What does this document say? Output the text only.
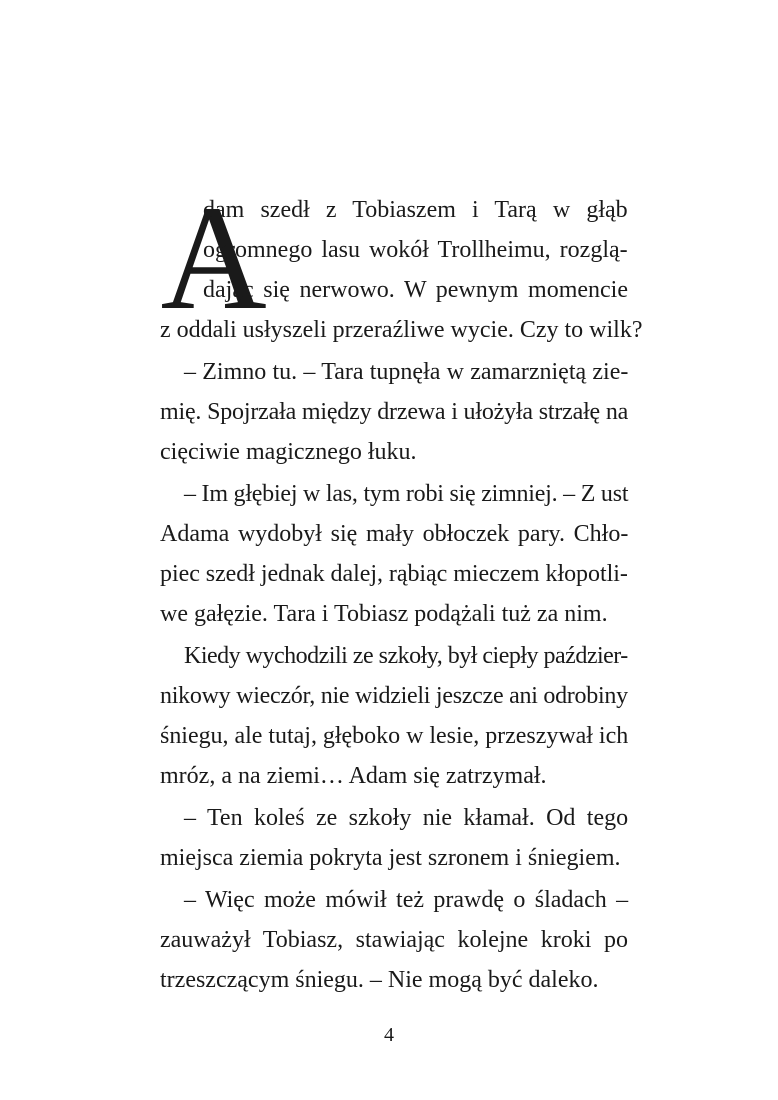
A
dam szedł z Tobiaszem i Tarą w głąb
ogromnego lasu wokół Trollheimu, rozglą-
dając się nerwowo. W pewnym momencie
z oddali usłyszeli przeraźliwe wycie. Czy to wilk?
– Zimno tu. – Tara tupnęła w zamarzniętą zie-
mię. Spojrzała między drzewa i ułożyła strzałę na
cięciwie magicznego łuku.
– Im głębiej w las, tym robi się zimniej. – Z ust
Adama wydobył się mały obłoczek pary. Chło-
piec szedł jednak dalej, rąbiąc mieczem kłopotli-
we gałęzie. Tara i Tobiasz podążali tuż za nim.
Kiedy wychodzili ze szkoły, był ciepły paździer-
nikowy wieczór, nie widzieli jeszcze ani odrobiny
śniegu, ale tutaj, głęboko w lesie, przeszywał ich
mróz, a na ziemi… Adam się zatrzymał.
– Ten koleś ze szkoły nie kłamał. Od tego
miejsca ziemia pokryta jest szronem i śniegiem.
– Więc może mówił też prawdę o śladach –
zauważył Tobiasz, stawiając kolejne kroki po
trzeszczącym śniegu. – Nie mogą być daleko.
4
